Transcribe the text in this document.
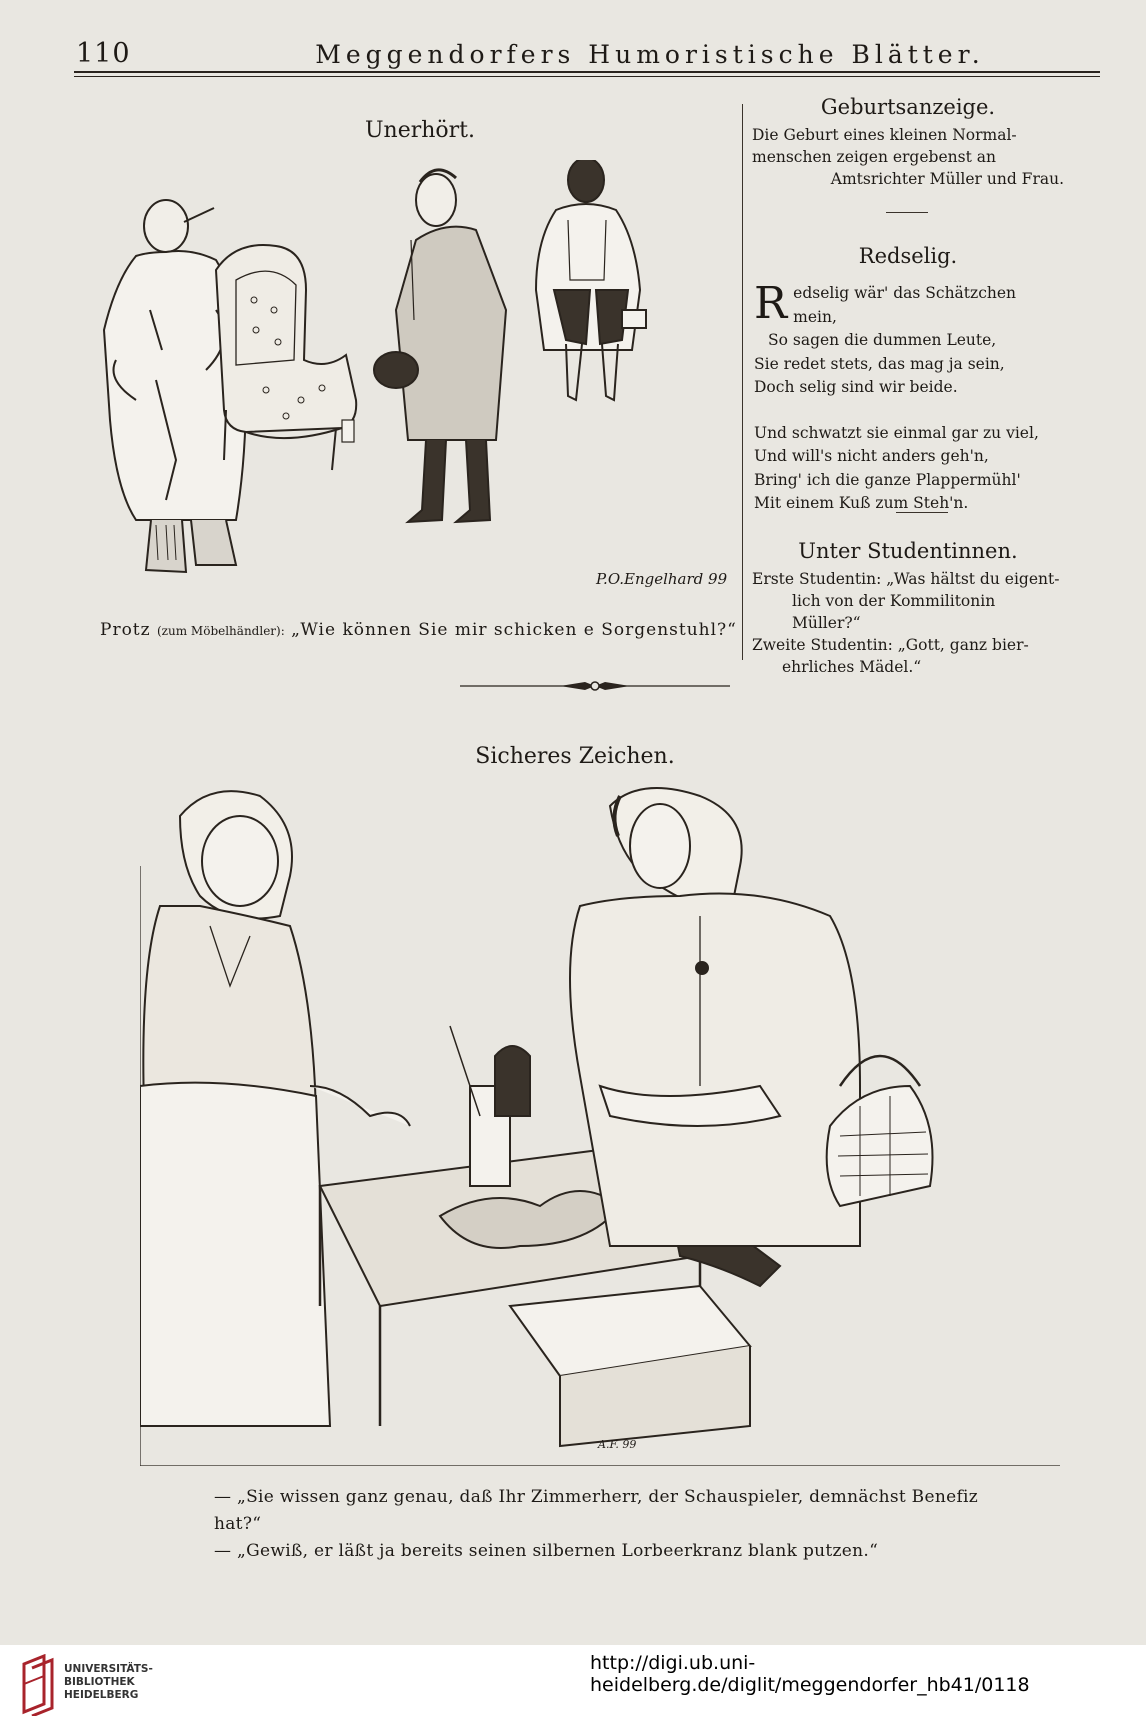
110	Meggendorfers Humoristische Blätter.
Unerhört.
P.O.Engelhard 99
Protz (zum Möbelhändler): „Wie können Sie mir schicken e Sorgenstuhl?“
Geburtsanzeige.

Die Geburt eines kleinen Normal-

menschen zeigen ergebenst an

Amtsrichter Müller und Frau.

Redselig.
R edselig wär' das Schätzchen mein,
So sagen die dummen Leute,
Sie redet stets, das mag ja sein,
Doch selig sind wir beide.
Und schwatzt sie einmal gar zu viel,
Und will's nicht anders geh'n,
Bring' ich die ganze Plappermühl'
Mit einem Kuß zum Steh'n.
Unter Studentinnen.

Erste Studentin: „Was hältst du eigent-

lich von der Kommilitonin Müller?“

Zweite Studentin: „Gott, ganz bier-

ehrliches Mädel.“

Sicheres Zeichen.
A.F. 99
— „Sie wissen ganz genau, daß Ihr Zimmerherr, der Schauspieler, demnächst Benefiz hat?“
— „Gewiß, er läßt ja bereits seinen silbernen Lorbeerkranz blank putzen.“
UNIVERSITÄTS-
BIBLIOTHEK
HEIDELBERG
http://digi.ub.uni-heidelberg.de/diglit/meggendorfer_hb41/0118
